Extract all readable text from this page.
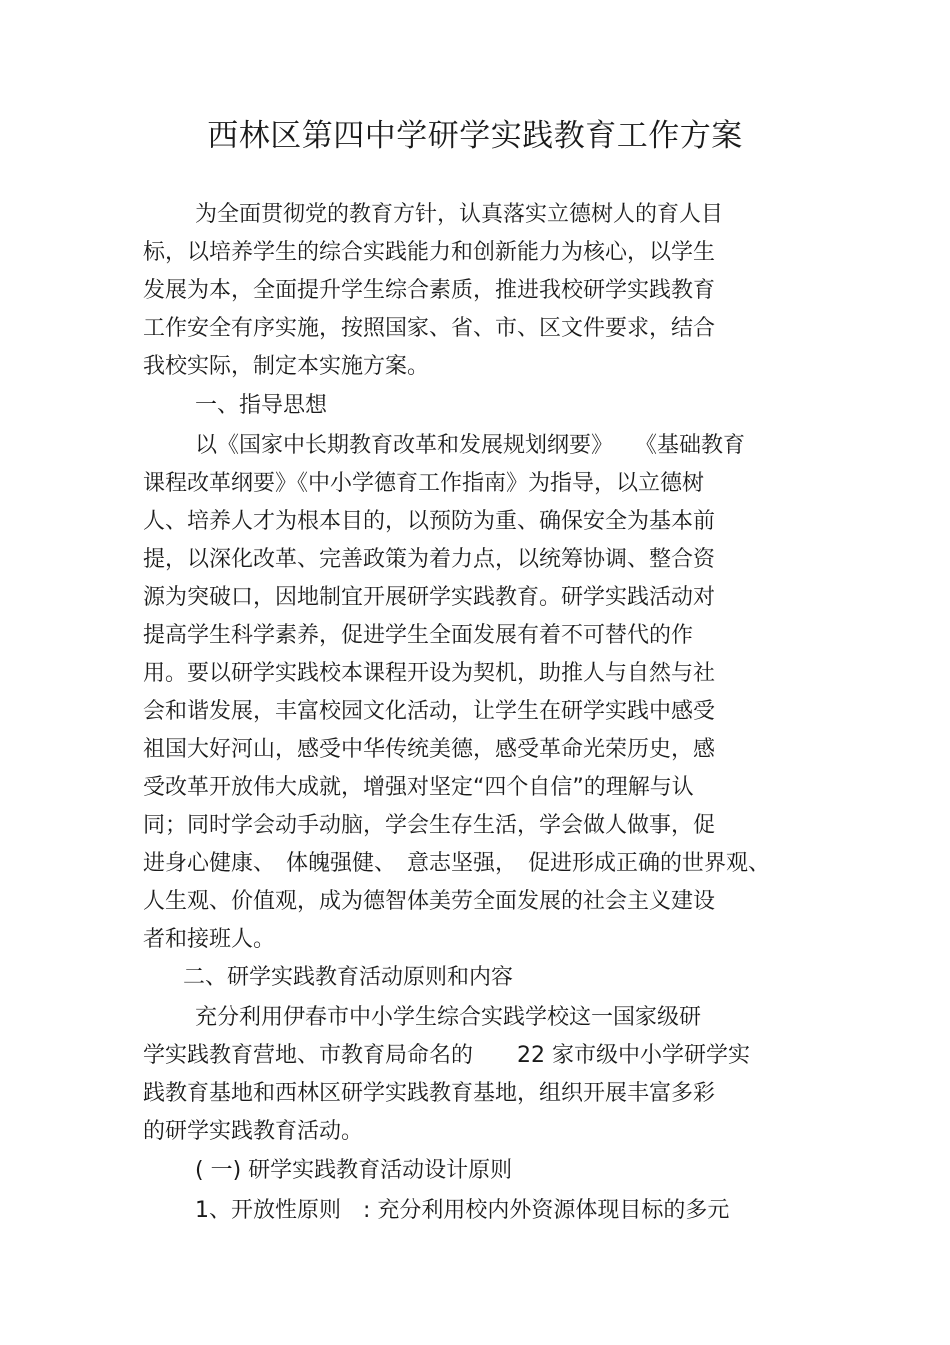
西林区第四中学研学实践教育工作方案
为全面贯彻党的教育方针，认真落实立德树人的育人目
标，以培养学生的综合实践能力和创新能力为核心，以学生
发展为本，全面提升学生综合素质，推进我校研学实践教育
工作安全有序实施，按照国家、省、市、区文件要求，结合
我校实际，制定本实施方案。
一、指导思想
以《国家中长期教育改革和发展规划纲要》　　《基础教育
课程改革纲要》《中小学德育工作指南》为指导，以立德树
人、培养人才为根本目的，以预防为重、确保安全为基本前
提，以深化改革、完善政策为着力点，以统筹协调、整合资
源为突破口，因地制宜开展研学实践教育。研学实践活动对
提高学生科学素养，促进学生全面发展有着不可替代的作
用。要以研学实践校本课程开设为契机，助推人与自然与社
会和谐发展，丰富校园文化活动，让学生在研学实践中感受
祖国大好河山，感受中华传统美德，感受革命光荣历史，感
受改革开放伟大成就，增强对坚定“四个自信”的理解与认
同；同时学会动手动脑，学会生存生活，学会做人做事，促
进身心健康、　体魄强健、　意志坚强，　促进形成正确的世界观、
人生观、价值观，成为德智体美劳全面发展的社会主义建设
者和接班人。
二、研学实践教育活动原则和内容
充分利用伊春市中小学生综合实践学校这一国家级研
学实践教育营地、市教育局命名的　　22 家市级中小学研学实
践教育基地和西林区研学实践教育基地，组织开展丰富多彩
的研学实践教育活动。
( 一) 研学实践教育活动设计原则
1、开放性原则　: 充分利用校内外资源体现目标的多元
